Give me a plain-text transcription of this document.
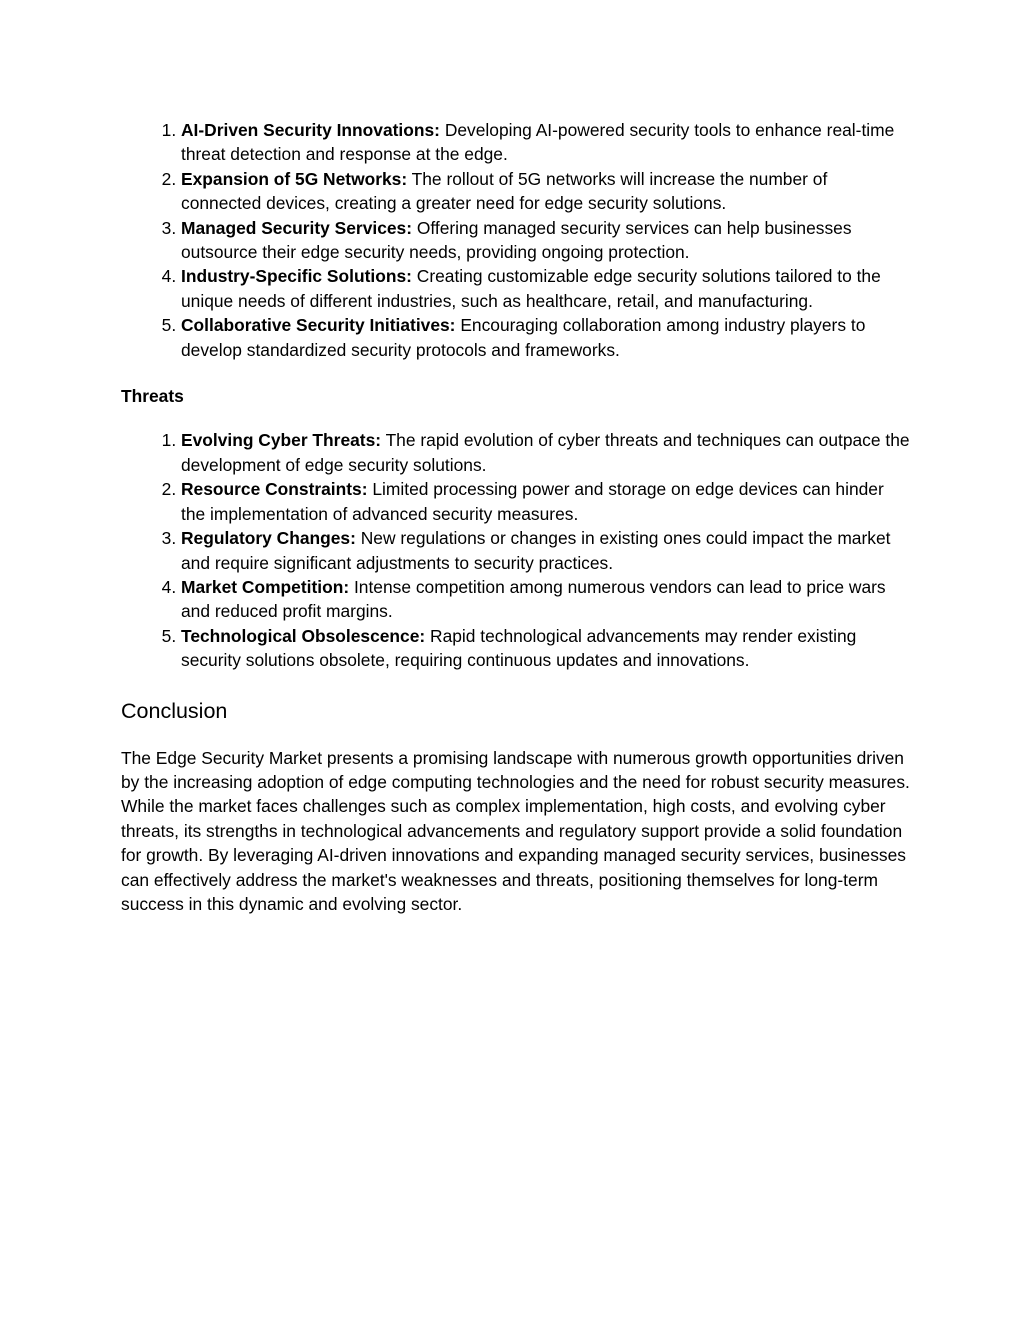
1. AI-Driven Security Innovations: Developing AI-powered security tools to enhance real-time threat detection and response at the edge.
2. Expansion of 5G Networks: The rollout of 5G networks will increase the number of connected devices, creating a greater need for edge security solutions.
3. Managed Security Services: Offering managed security services can help businesses outsource their edge security needs, providing ongoing protection.
4. Industry-Specific Solutions: Creating customizable edge security solutions tailored to the unique needs of different industries, such as healthcare, retail, and manufacturing.
5. Collaborative Security Initiatives: Encouraging collaboration among industry players to develop standardized security protocols and frameworks.
Threats
1. Evolving Cyber Threats: The rapid evolution of cyber threats and techniques can outpace the development of edge security solutions.
2. Resource Constraints: Limited processing power and storage on edge devices can hinder the implementation of advanced security measures.
3. Regulatory Changes: New regulations or changes in existing ones could impact the market and require significant adjustments to security practices.
4. Market Competition: Intense competition among numerous vendors can lead to price wars and reduced profit margins.
5. Technological Obsolescence: Rapid technological advancements may render existing security solutions obsolete, requiring continuous updates and innovations.
Conclusion

The Edge Security Market presents a promising landscape with numerous growth opportunities driven by the increasing adoption of edge computing technologies and the need for robust security measures. While the market faces challenges such as complex implementation, high costs, and evolving cyber threats, its strengths in technological advancements and regulatory support provide a solid foundation for growth. By leveraging AI-driven innovations and expanding managed security services, businesses can effectively address the market's weaknesses and threats, positioning themselves for long-term success in this dynamic and evolving sector.
